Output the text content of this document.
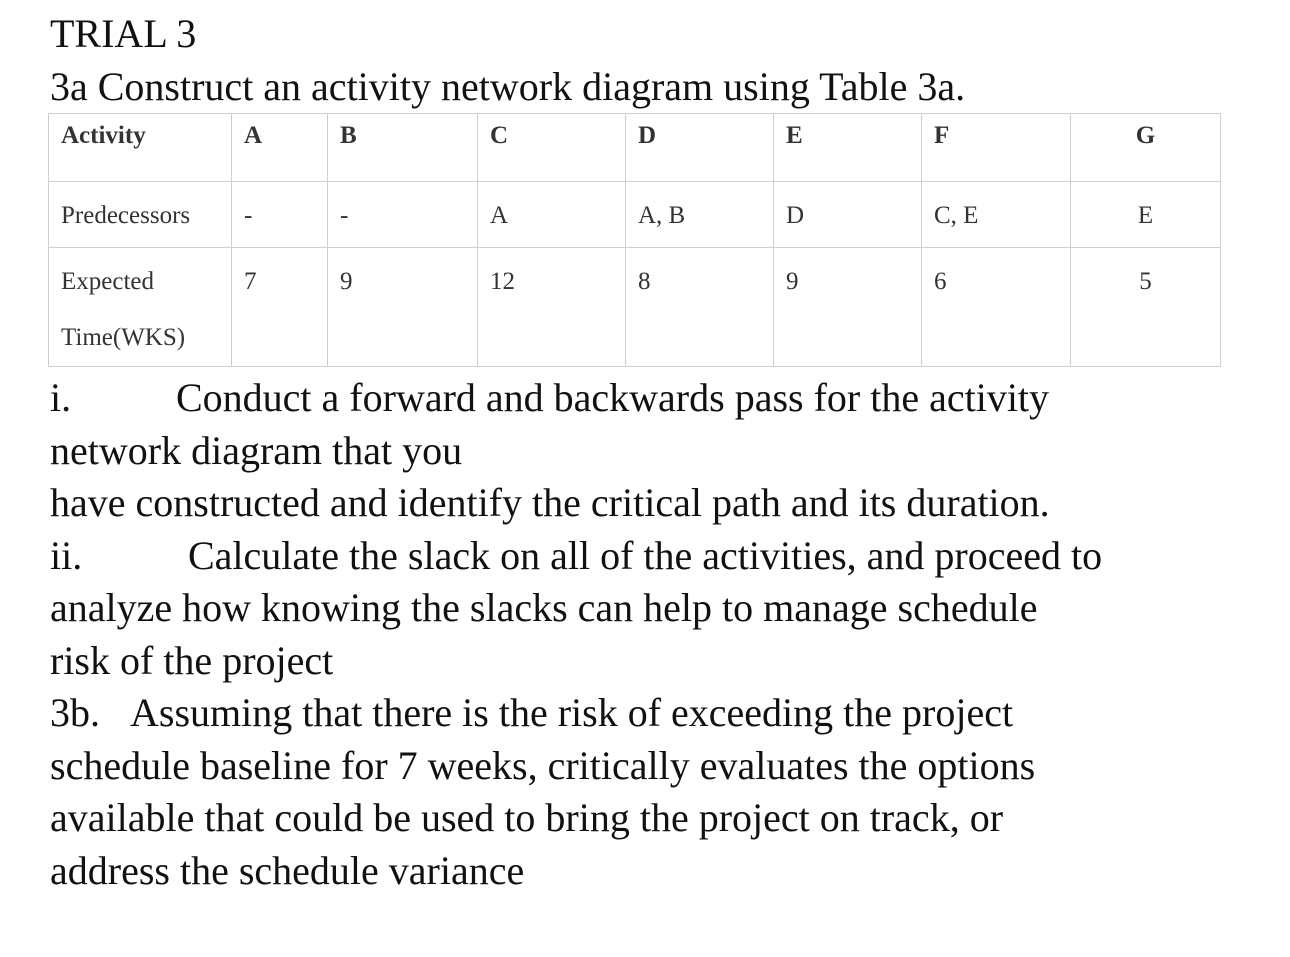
TRIAL 3
3a Construct an activity network diagram using Table 3a.
Activity	A	B	C	D	E	F	G

Predecessors	-	-	A	A, B	D	C, E	E

Expected
Time(WKS)	7	9	12	8	9	6	5
i.	Conduct a forward and backwards pass for the activity
network diagram that you
have constructed and identify the critical path and its duration.
ii.	Calculate the slack on all of the activities, and proceed to
analyze how knowing the slacks can help to manage schedule
risk of the project
3b. Assuming that there is the risk of exceeding the project
schedule baseline for 7 weeks, critically evaluates the options
available that could be used to bring the project on track, or
address the schedule variance
